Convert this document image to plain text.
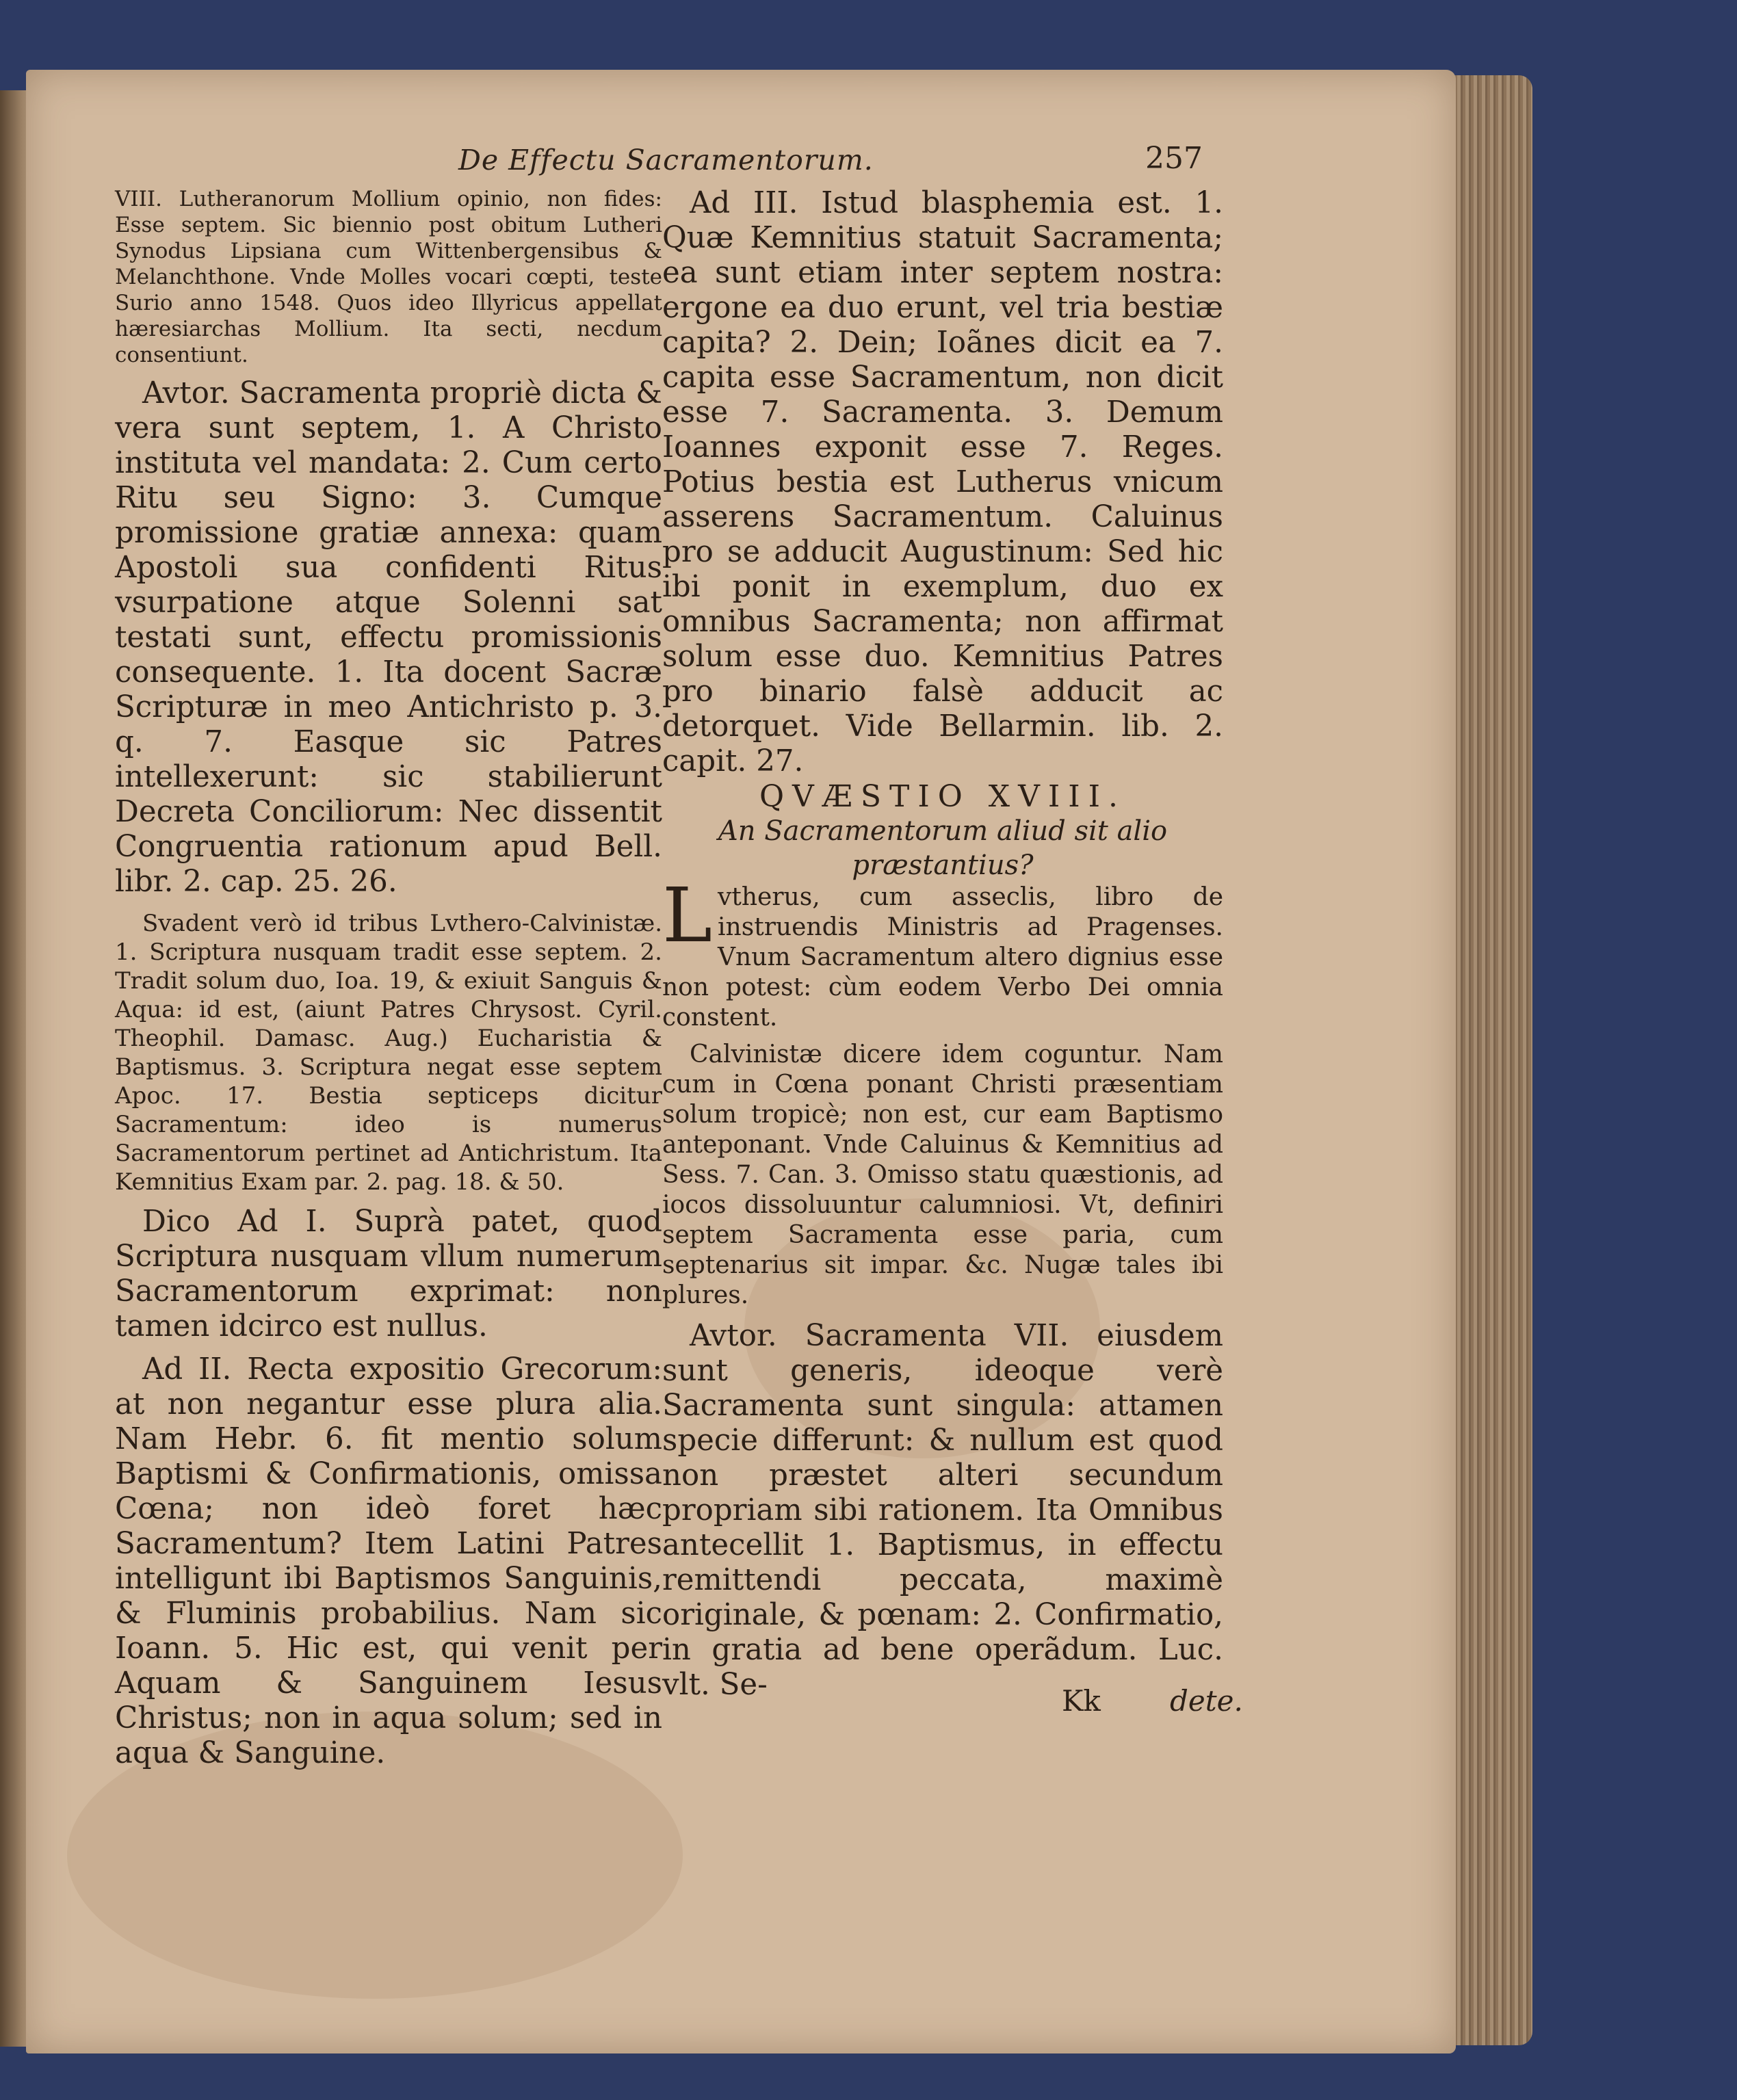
De Effectu Sacramentorum.	257

VIII. Lutheranorum Mollium opinio, non fides: Esse septem. Sic biennio post obitum Lutheri Synodus Lipsiana cum Wittenbergensibus & Melanchthone. Vnde Molles vocari cœpti, teste Surio anno 1548. Quos ideo Illyricus appellat hæresiarchas Mollium. Ita secti, necdum consentiunt.

Avtor. Sacramenta propriè dicta & vera sunt septem, 1. A Christo instituta vel mandata: 2. Cum certo Ritu seu Signo: 3. Cumque promissione gratiæ annexa: quam Apostoli sua confidenti Ritus vsurpatione atque Solenni sat testati sunt, effectu promissionis consequente. 1. Ita docent Sacræ Scripturæ in meo Antichristo p. 3. q. 7. Easque sic Patres intellexerunt: sic stabilierunt Decreta Conciliorum: Nec dissentit Congruentia rationum apud Bell. libr. 2. cap. 25. 26.

Svadent verò id tribus Lvthero-Calvinistæ. 1. Scriptura nusquam tradit esse septem. 2. Tradit solum duo, Ioa. 19, & exiuit Sanguis & Aqua: id est, (aiunt Patres Chrysost. Cyril. Theophil. Damasc. Aug.) Eucharistia & Baptismus. 3. Scriptura negat esse septem Apoc. 17. Bestia septiceps dicitur Sacramentum: ideo is numerus Sacramentorum pertinet ad Antichristum. Ita Kemnitius Exam par. 2. pag. 18. & 50.

Dico Ad I. Suprà patet, quod Scriptura nusquam vllum numerum Sacramentorum exprimat: non tamen idcirco est nullus.

Ad II. Recta expositio Grecorum: at non negantur esse plura alia. Nam Hebr. 6. fit mentio solum Baptismi & Confirmationis, omissa Cœna; non ideò foret hæc Sacramentum? Item Latini Patres intelligunt ibi Baptismos Sanguinis, & Fluminis probabilius. Nam sic Ioann. 5. Hic est, qui venit per Aquam & Sanguinem Iesus Christus; non in aqua solum; sed in aqua & Sanguine.

Ad III. Istud blasphemia est. 1. Quæ Kemnitius statuit Sacramenta; ea sunt etiam inter septem nostra: ergone ea duo erunt, vel tria bestiæ capita? 2. Dein; Ioãnes dicit ea 7. capita esse Sacramentum, non dicit esse 7. Sacramenta. 3. Demum Ioannes exponit esse 7. Reges. Potius bestia est Lutherus vnicum asserens Sacramentum. Caluinus pro se adducit Augustinum: Sed hic ibi ponit in exemplum, duo ex omnibus Sacramenta; non affirmat solum esse duo. Kemnitius Patres pro binario falsè adducit ac detorquet. Vide Bellarmin. lib. 2. capit. 27.

QVÆSTIO XVIII.

An Sacramentorum aliud sit alio
præstantius?

L vtherus, cum asseclis, libro de instruendis Ministris ad Pragenses. Vnum Sacramentum altero dignius esse non potest: cùm eodem Verbo Dei omnia constent.

Calvinistæ dicere idem coguntur. Nam cum in Cœna ponant Christi præsentiam solum tropicè; non est, cur eam Baptismo anteponant. Vnde Caluinus & Kemnitius ad Sess. 7. Can. 3. Omisso statu quæstionis, ad iocos dissoluuntur calumniosi. Vt, definiri septem Sacramenta esse paria, cum septenarius sit impar. &c. Nugæ tales ibi plures.

Avtor. Sacramenta VII. eiusdem sunt generis, ideoque verè Sacramenta sunt singula: attamen specie differunt: & nullum est quod non præstet alteri secundum propriam sibi rationem. Ita Omnibus antecellit 1. Baptismus, in effectu remittendi peccata, maximè originale, & pœnam: 2. Confirmatio, in gratia ad bene operãdum. Luc. vlt. Se-	Kk dete.
